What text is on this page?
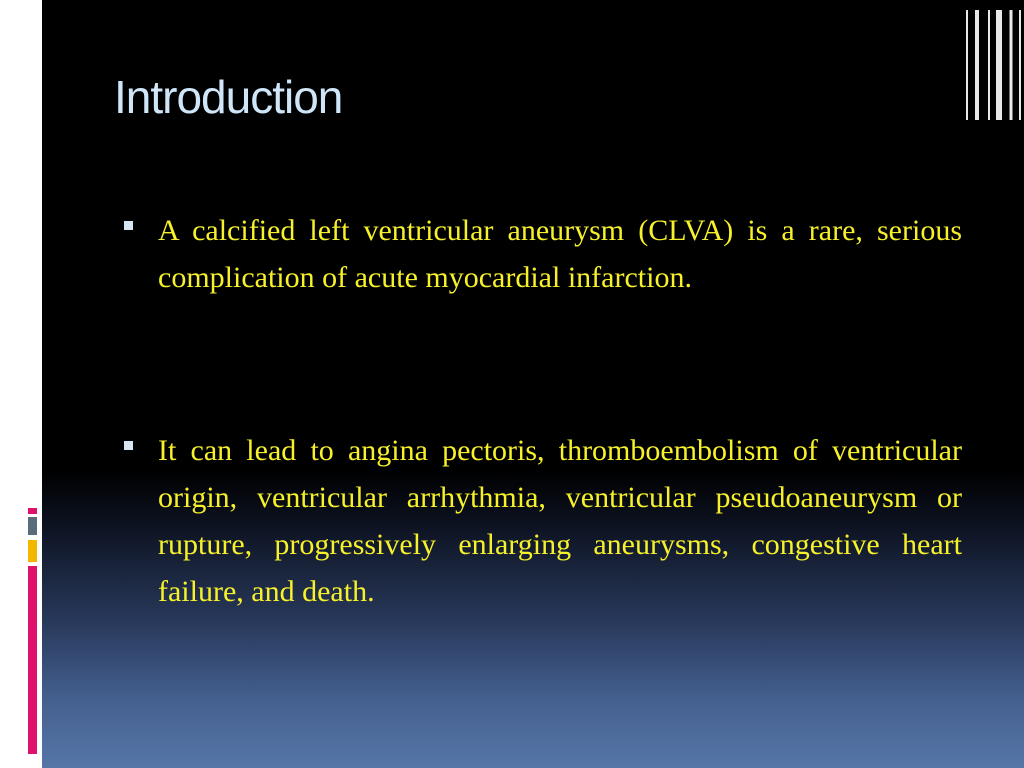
Introduction
A calcified left ventricular aneurysm (CLVA) is a rare, serious complication of acute myocardial infarction.
It can lead to angina pectoris, thromboembolism of ventricular origin, ventricular arrhythmia, ventricular pseudoaneurysm or rupture, progressively enlarging aneurysms, congestive heart failure, and death.
